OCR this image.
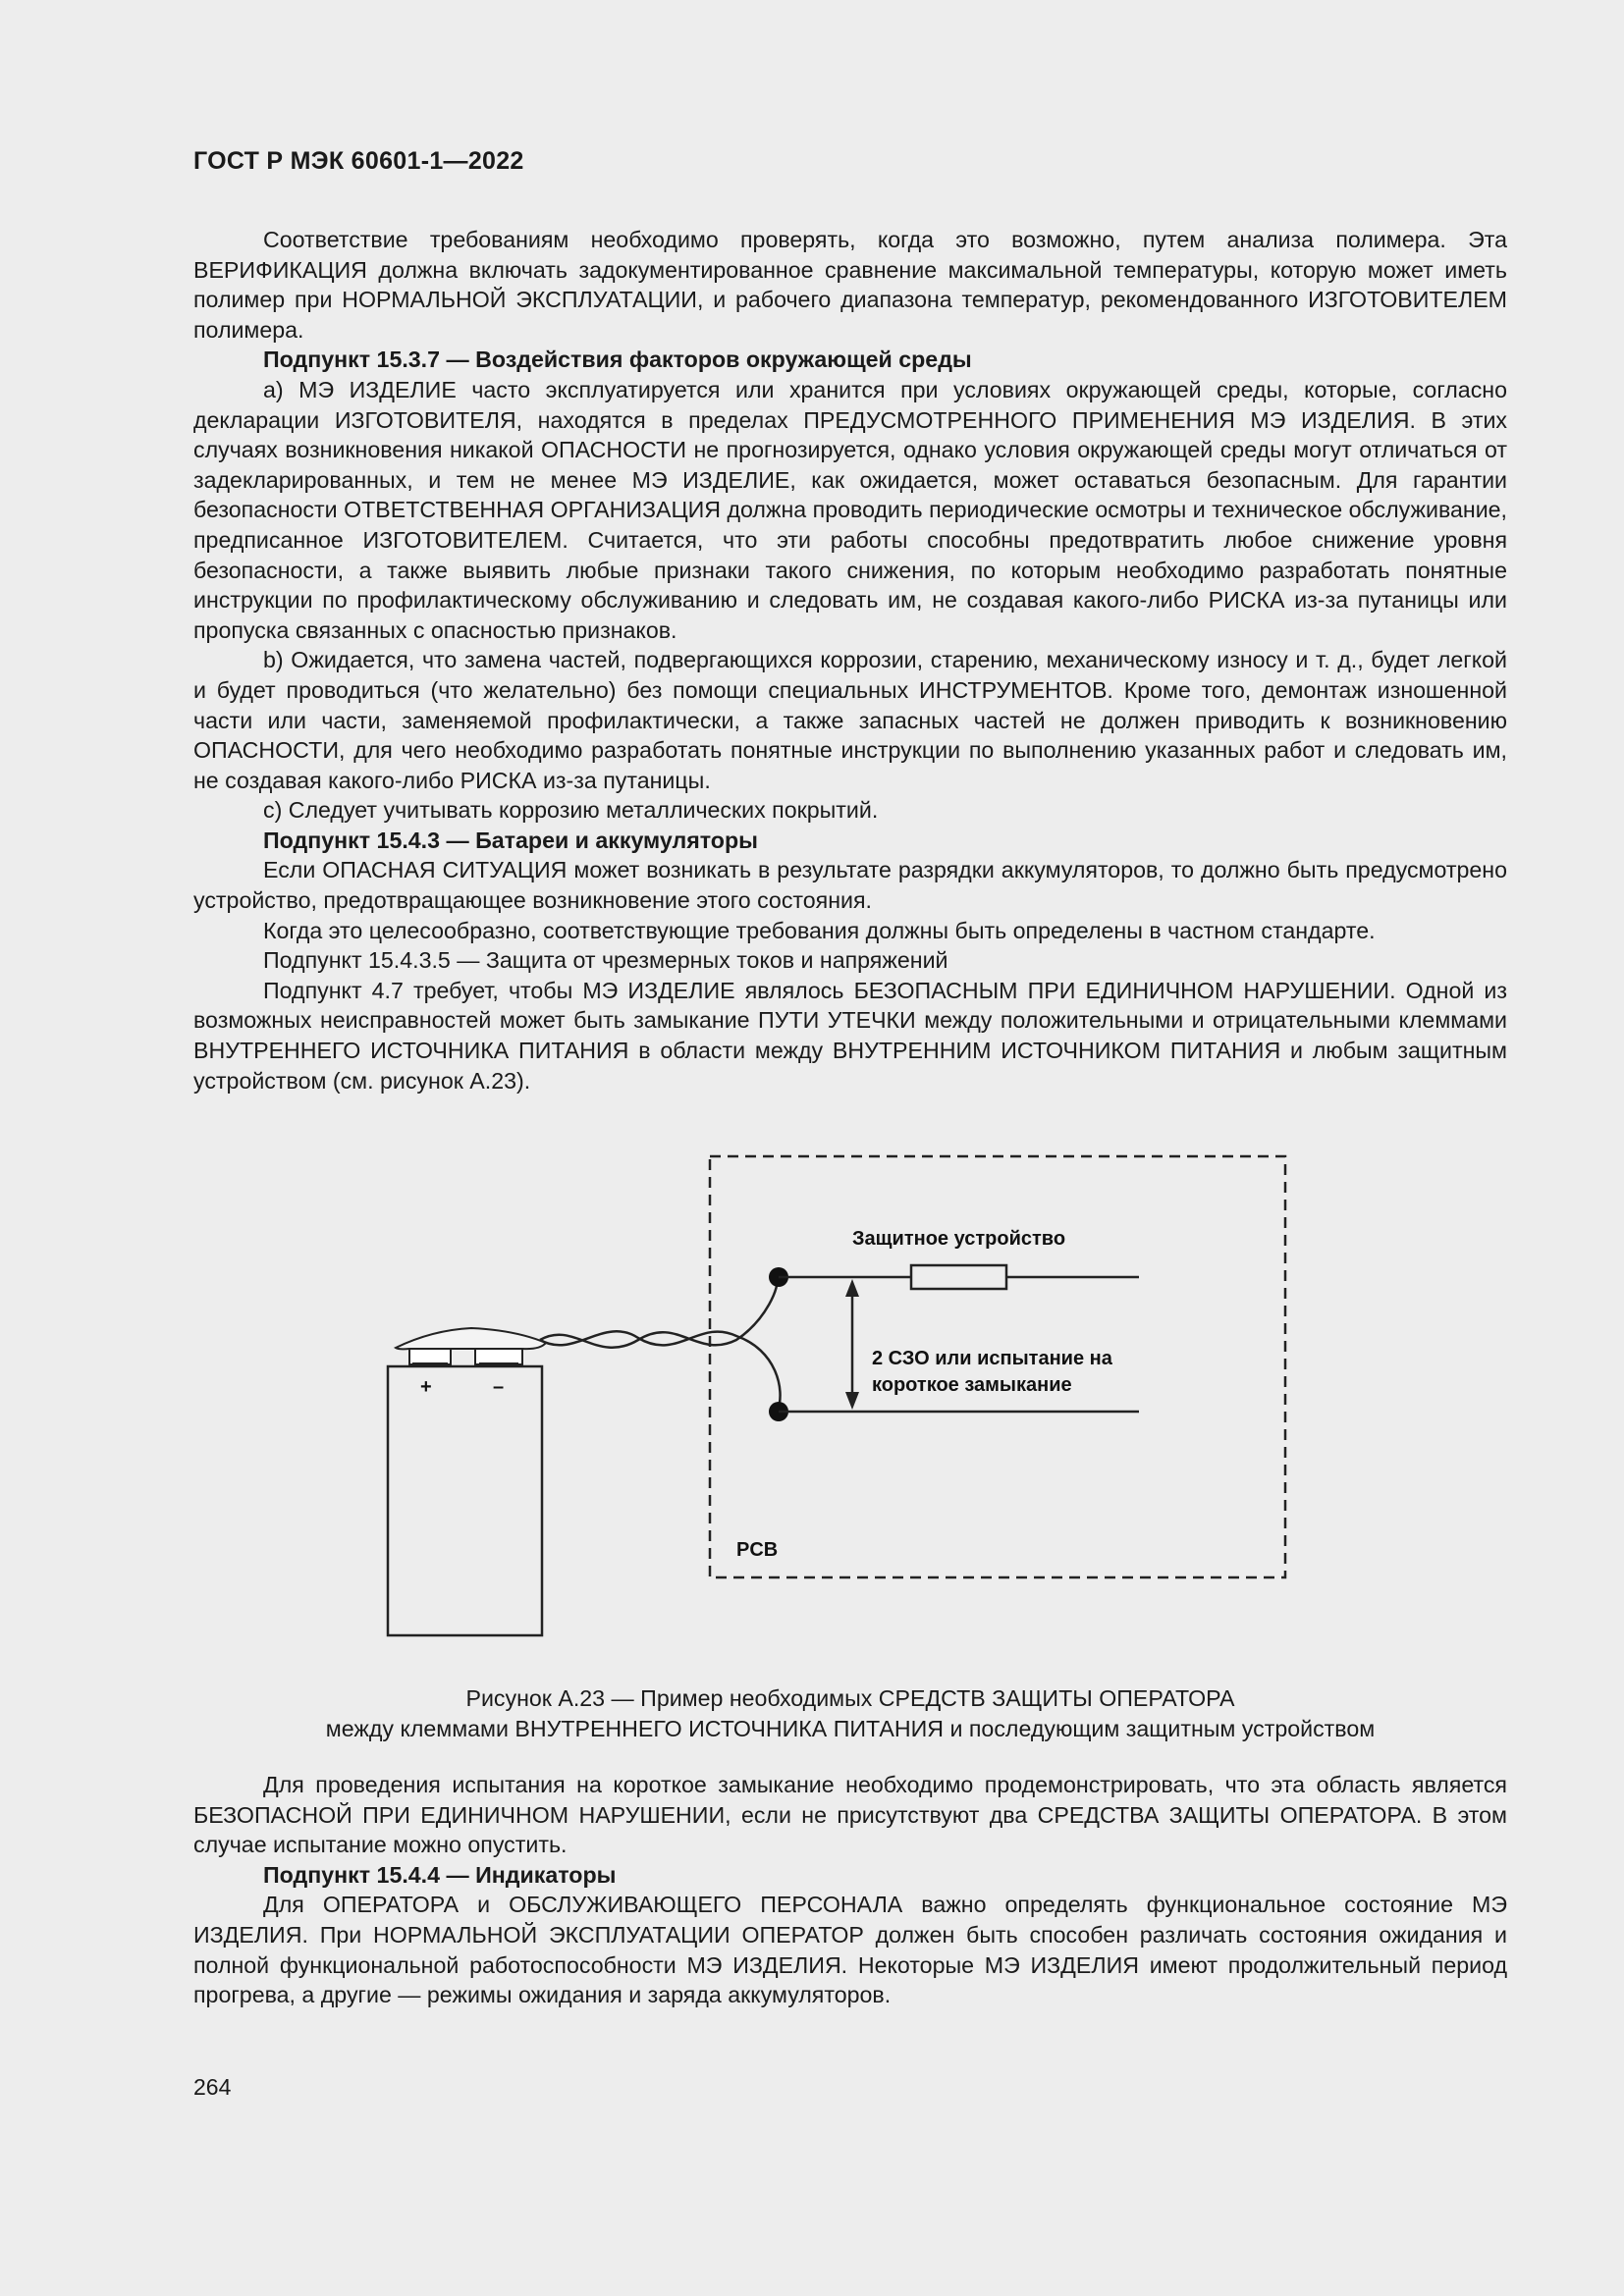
ГОСТ Р МЭК 60601-1—2022

Соответствие требованиям необходимо проверять, когда это возможно, путем анализа полимера. Эта ВЕРИФИКАЦИЯ должна включать задокументированное сравнение максимальной температуры, которую может иметь полимер при НОРМАЛЬНОЙ ЭКСПЛУАТАЦИИ, и рабочего диапазона температур, рекомендованного ИЗГОТОВИТЕЛЕМ полимера.

Подпункт 15.3.7 — Воздействия факторов окружающей среды

a) МЭ ИЗДЕЛИЕ часто эксплуатируется или хранится при условиях окружающей среды, которые, согласно декларации ИЗГОТОВИТЕЛЯ, находятся в пределах ПРЕДУСМОТРЕННОГО ПРИМЕНЕНИЯ МЭ ИЗДЕЛИЯ. В этих случаях возникновения никакой ОПАСНОСТИ не прогнозируется, однако условия окружающей среды могут отличаться от задекларированных, и тем не менее МЭ ИЗДЕЛИЕ, как ожидается, может оставаться безопасным. Для гарантии безопасности ОТВЕТСТВЕННАЯ ОРГАНИЗАЦИЯ должна проводить периодические осмотры и техническое обслуживание, предписанное ИЗГОТОВИТЕЛЕМ. Считается, что эти работы способны предотвратить любое снижение уровня безопасности, а также выявить любые признаки такого снижения, по которым необходимо разработать понятные инструкции по профилактическому обслуживанию и следовать им, не создавая какого-либо РИСКА из-за путаницы или пропуска связанных с опасностью признаков.

b) Ожидается, что замена частей, подвергающихся коррозии, старению, механическому износу и т. д., будет легкой и будет проводиться (что желательно) без помощи специальных ИНСТРУМЕНТОВ. Кроме того, демонтаж изношенной части или части, заменяемой профилактически, а также запасных частей не должен приводить к возникновению ОПАСНОСТИ, для чего необходимо разработать понятные инструкции по выполнению указанных работ и следовать им, не создавая какого-либо РИСКА из-за путаницы.

c) Следует учитывать коррозию металлических покрытий.

Подпункт 15.4.3 — Батареи и аккумуляторы

Если ОПАСНАЯ СИТУАЦИЯ может возникать в результате разрядки аккумуляторов, то должно быть предусмотрено устройство, предотвращающее возникновение этого состояния.

Когда это целесообразно, соответствующие требования должны быть определены в частном стандарте.

Подпункт 15.4.3.5 — Защита от чрезмерных токов и напряжений

Подпункт 4.7 требует, чтобы МЭ ИЗДЕЛИЕ являлось БЕЗОПАСНЫМ ПРИ ЕДИНИЧНОМ НАРУШЕНИИ. Одной из возможных неисправностей может быть замыкание ПУТИ УТЕЧКИ между положительными и отрицательными клеммами ВНУТРЕННЕГО ИСТОЧНИКА ПИТАНИЯ в области между ВНУТРЕННИМ ИСТОЧНИКОМ ПИТАНИЯ и любым защитным устройством (см. рисунок А.23).

+	–
Защитное устройство
2 СЗО или испытание на
короткое замыкание
PCB
Рисунок А.23 — Пример необходимых СРЕДСТВ ЗАЩИТЫ ОПЕРАТОРА
между клеммами ВНУТРЕННЕГО ИСТОЧНИКА ПИТАНИЯ и последующим защитным устройством

Для проведения испытания на короткое замыкание необходимо продемонстрировать, что эта область является БЕЗОПАСНОЙ ПРИ ЕДИНИЧНОМ НАРУШЕНИИ, если не присутствуют два СРЕДСТВА ЗАЩИТЫ ОПЕРАТОРА. В этом случае испытание можно опустить.

Подпункт 15.4.4 — Индикаторы

Для ОПЕРАТОРА и ОБСЛУЖИВАЮЩЕГО ПЕРСОНАЛА важно определять функциональное состояние МЭ ИЗДЕЛИЯ. При НОРМАЛЬНОЙ ЭКСПЛУАТАЦИИ ОПЕРАТОР должен быть способен различать состояния ожидания и полной функциональной работоспособности МЭ ИЗДЕЛИЯ. Некоторые МЭ ИЗДЕЛИЯ имеют продолжительный период прогрева, а другие — режимы ожидания и заряда аккумуляторов.

264
